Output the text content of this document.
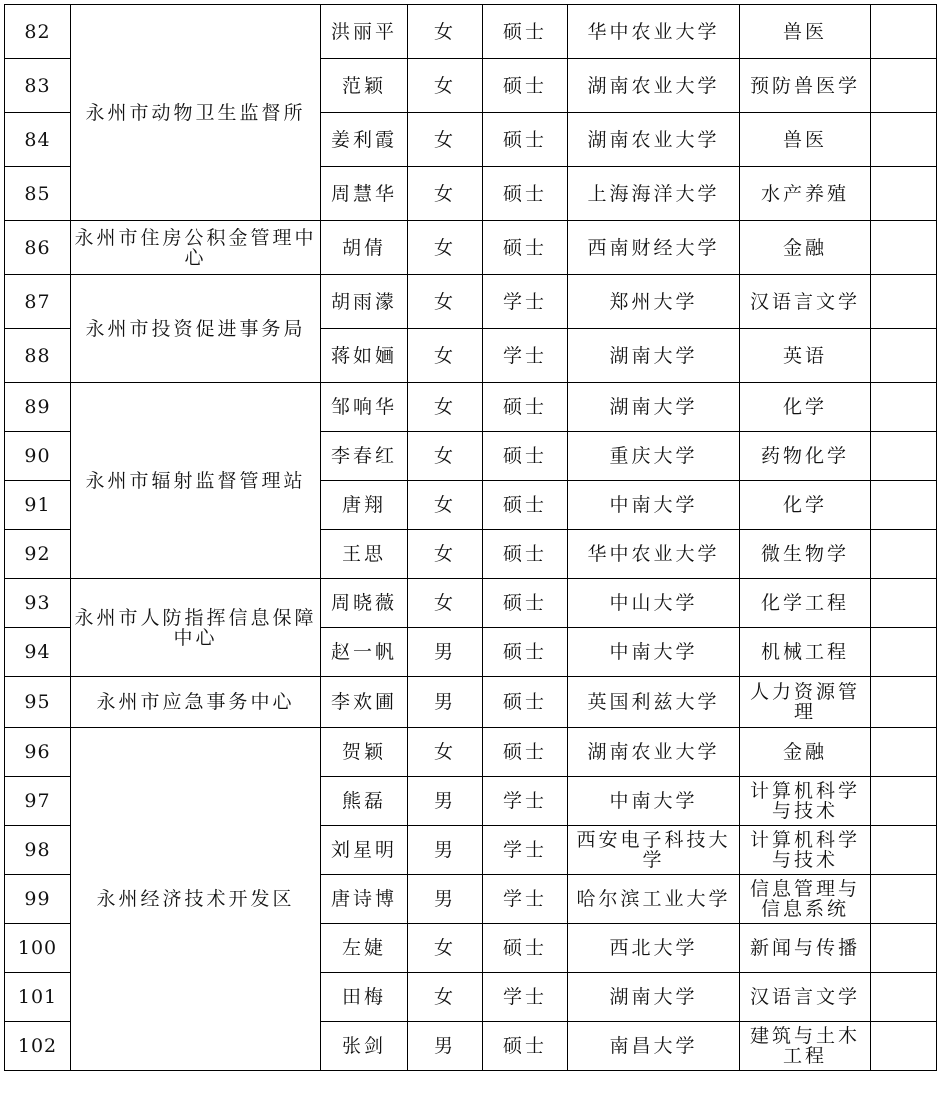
82	永州市动物卫生监督所	洪丽平	女	硕士	华中农业大学	兽医	
83		范颖	女	硕士	湖南农业大学	预防兽医学	
84		姜利霞	女	硕士	湖南农业大学	兽医	
85		周慧华	女	硕士	上海海洋大学	水产养殖	
86	永州市住房公积金管理中心	胡倩	女	硕士	西南财经大学	金融	
87	永州市投资促进事务局	胡雨濛	女	学士	郑州大学	汉语言文学	
88		蒋如婳	女	学士	湖南大学	英语	
89	永州市辐射监督管理站	邹响华	女	硕士	湖南大学	化学	
90		李春红	女	硕士	重庆大学	药物化学	
91		唐翔	女	硕士	中南大学	化学	
92		王思	女	硕士	华中农业大学	微生物学	
93	永州市人防指挥信息保障中心	周晓薇	女	硕士	中山大学	化学工程	
94		赵一帆	男	硕士	中南大学	机械工程	
95	永州市应急事务中心	李欢圃	男	硕士	英国利兹大学	人力资源管理	
96	永州经济技术开发区	贺颖	女	硕士	湖南农业大学	金融	
97		熊磊	男	学士	中南大学	计算机科学与技术	
98		刘星明	男	学士	西安电子科技大学	计算机科学与技术	
99		唐诗博	男	学士	哈尔滨工业大学	信息管理与信息系统	
100		左婕	女	硕士	西北大学	新闻与传播	
101		田梅	女	学士	湖南大学	汉语言文学	
102		张剑	男	硕士	南昌大学	建筑与土木工程	
